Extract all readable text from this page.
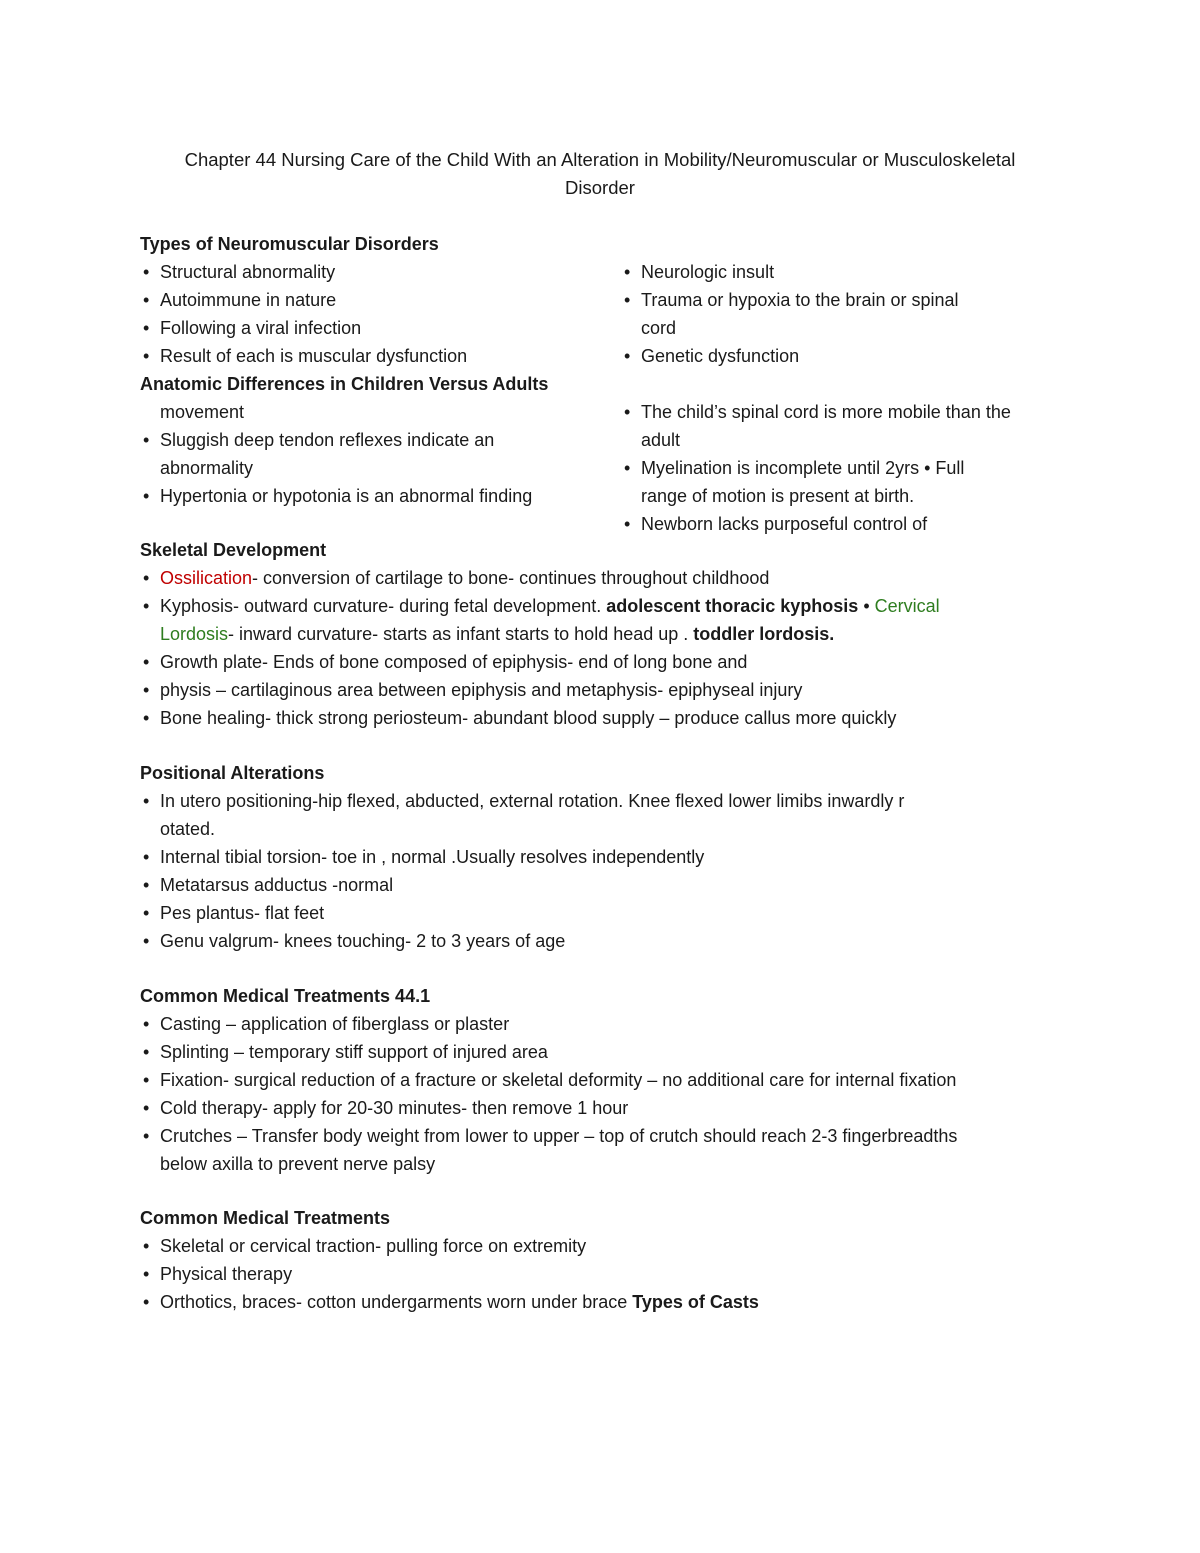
Chapter 44 Nursing Care of the Child With an Alteration in Mobility/Neuromuscular or Musculoskeletal
Disorder
Types of Neuromuscular Disorders
• Structural abnormality
• Autoimmune in nature
• Following a viral infection
• Result of each is muscular dysfunction
• Neurologic insult
• Trauma or hypoxia to the brain or spinal
cord
• Genetic dysfunction
Anatomic Differences in Children Versus Adults
movement
• Sluggish deep tendon reflexes indicate an
abnormality
• Hypertonia or hypotonia is an abnormal finding
• The child’s spinal cord is more mobile than the
adult
• Myelination is incomplete until 2yrs • Full
range of motion is present at birth.
• Newborn lacks purposeful control of
Skeletal Development
• Ossilication- conversion of cartilage to bone- continues throughout childhood
• Kyphosis- outward curvature- during fetal development. adolescent thoracic kyphosis • Cervical
Lordosis- inward curvature- starts as infant starts to hold head up . toddler lordosis.
• Growth plate- Ends of bone composed of epiphysis- end of long bone and
• physis – cartilaginous area between epiphysis and metaphysis- epiphyseal injury
• Bone healing- thick strong periosteum- abundant blood supply – produce callus more quickly
Positional Alterations
• In utero positioning-hip flexed, abducted, external rotation. Knee flexed lower limibs inwardly r
otated.
• Internal tibial torsion- toe in , normal .Usually resolves independently
• Metatarsus adductus -normal
• Pes plantus- flat feet
• Genu valgrum- knees touching- 2 to 3 years of age
Common Medical Treatments 44.1
• Casting – application of fiberglass or plaster
• Splinting – temporary stiff support of injured area
• Fixation- surgical reduction of a fracture or skeletal deformity – no additional care for internal fixation
• Cold therapy- apply for 20-30 minutes- then remove 1 hour
• Crutches – Transfer body weight from lower to upper – top of crutch should reach 2-3 fingerbreadths
below axilla to prevent nerve palsy
Common Medical Treatments
• Skeletal or cervical traction- pulling force on extremity
• Physical therapy
• Orthotics, braces- cotton undergarments worn under brace Types of Casts
